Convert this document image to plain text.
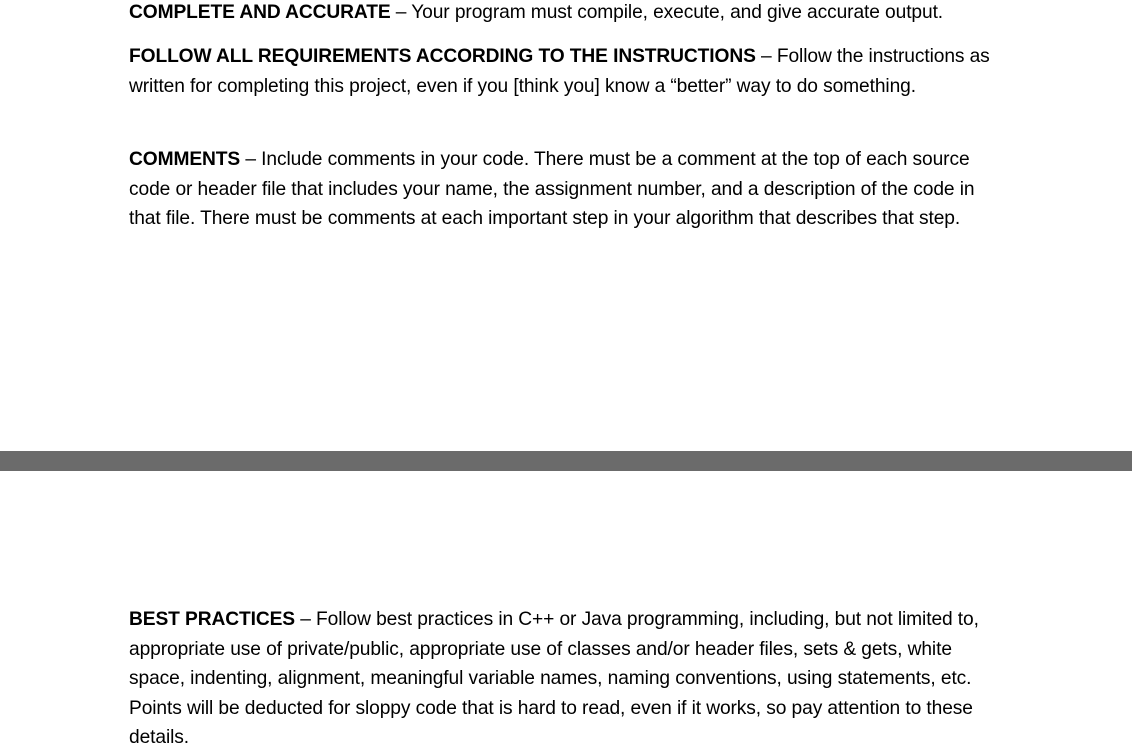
COMPLETE AND ACCURATE – Your program must compile, execute, and give accurate output.

FOLLOW ALL REQUIREMENTS ACCORDING TO THE INSTRUCTIONS – Follow the instructions as written for completing this project, even if you [think you] know a “better” way to do something.

COMMENTS – Include comments in your code. There must be a comment at the top of each source code or header file that includes your name, the assignment number, and a description of the code in that file. There must be comments at each important step in your algorithm that describes that step.

BEST PRACTICES – Follow best practices in C++ or Java programming, including, but not limited to, appropriate use of private/public, appropriate use of classes and/or header files, sets & gets, white space, indenting, alignment, meaningful variable names, naming conventions, using statements, etc. Points will be deducted for sloppy code that is hard to read, even if it works, so pay attention to these details.
